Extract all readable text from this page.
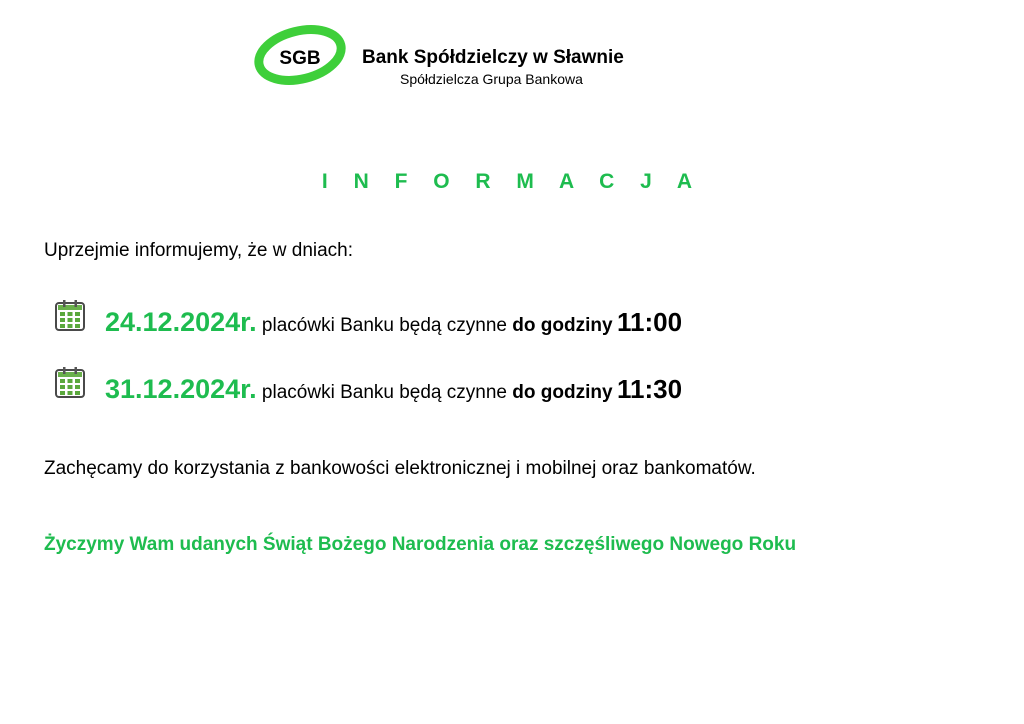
SGB Bank Spółdzielczy w Sławnie
Spółdzielcza Grupa Bankowa
I N F O R M A C J A
Uprzejmie informujemy, że w dniach:
24.12.2024r. placówki Banku będą czynne do godziny 11:00
31.12.2024r. placówki Banku będą czynne do godziny 11:30
Zachęcamy do korzystania z bankowości elektronicznej i mobilnej oraz bankomatów.
Życzymy Wam udanych Świąt Bożego Narodzenia oraz szczęśliwego Nowego Roku
